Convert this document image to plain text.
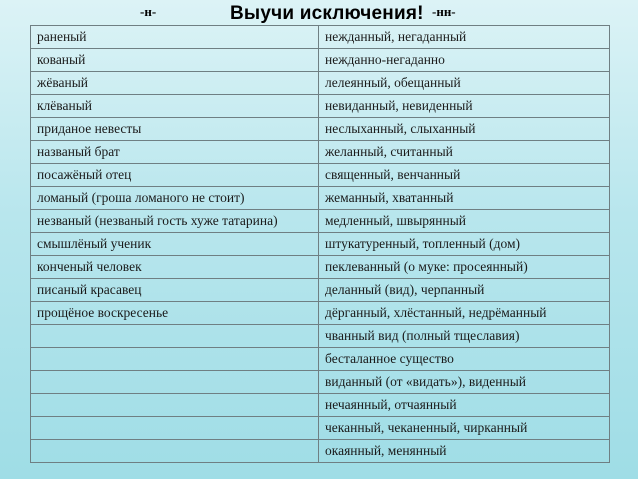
-н-	Выучи исключения! -нн-
раненый	нежданный, негаданный
кованый	нежданно-негаданно
жёваный	лелеянный, обещанный
клёваный	невиданный, невиденный
приданое невесты	неслыханный, слыханный
названый брат	желанный, считанный
посажёный отец	священный, венчанный
ломаный (гроша ломаного не стоит)	жеманный, хватанный
незваный (незваный гость хуже татарина)	медленный, швырянный
смышлёный ученик	штукатуренный, топленный (дом)
конченый человек	пеклеванный (о муке: просеянный)
писаный красавец	деланный (вид), черпанный
прощёное воскресенье	дёрганный, хлёстанный, недрёманный
	чванный вид (полный тщеславия)
	бесталанное существо
	виданный (от «видать»), виденный
	нечаянный, отчаянный
	чеканный, чеканенный, чирканный
	окаянный, менянный
